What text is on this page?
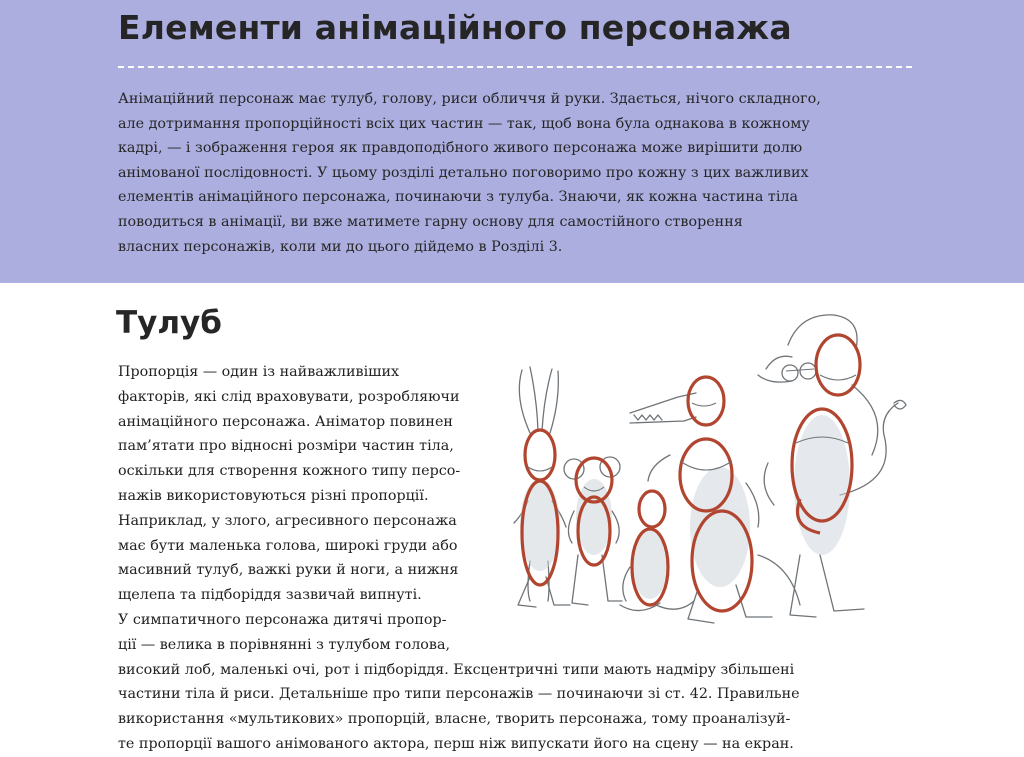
Елементи анімаційного персонажа
Анімаційний персонаж має тулуб, голову, риси обличчя й руки. Здається, нічого складного,
але дотримання пропорційності всіх цих частин — так, щоб вона була однакова в кожному
кадрі, — і зображення героя як правдоподібного живого персонажа може вирішити долю
анімованої послідовності. У цьому розділі детально поговоримо про кожну з цих важливих
елементів анімаційного персонажа, починаючи з тулуба. Знаючи, як кожна частина тіла
поводиться в анімації, ви вже матимете гарну основу для самостійного створення
власних персонажів, коли ми до цього дійдемо в Розділі 3.
Тулуб
Пропорція — один із найважливіших
факторів, які слід враховувати, розробляючи
анімаційного персонажа. Аніматор повинен
пам’ятати про відносні розміри частин тіла,
оскільки для створення кожного типу персо-
нажів використовуються різні пропорції.
Наприклад, у злого, агресивного персонажа
має бути маленька голова, широкі груди або
масивний тулуб, важкі руки й ноги, а нижня
щелепа та підборіддя зазвичай випнуті.
У симпатичного персонажа дитячі пропор-
ції — велика в порівнянні з тулубом голова,
високий лоб, маленькі очі, рот і підборіддя. Ексцентричні типи мають надміру збільшені
частини тіла й риси. Детальніше про типи персонажів — починаючи зі ст. 42. Правильне
використання «мультикових» пропорцій, власне, творить персонажа, тому проаналізуй-
те пропорції вашого анімованого актора, перш ніж випускати його на сцену — на екран.
